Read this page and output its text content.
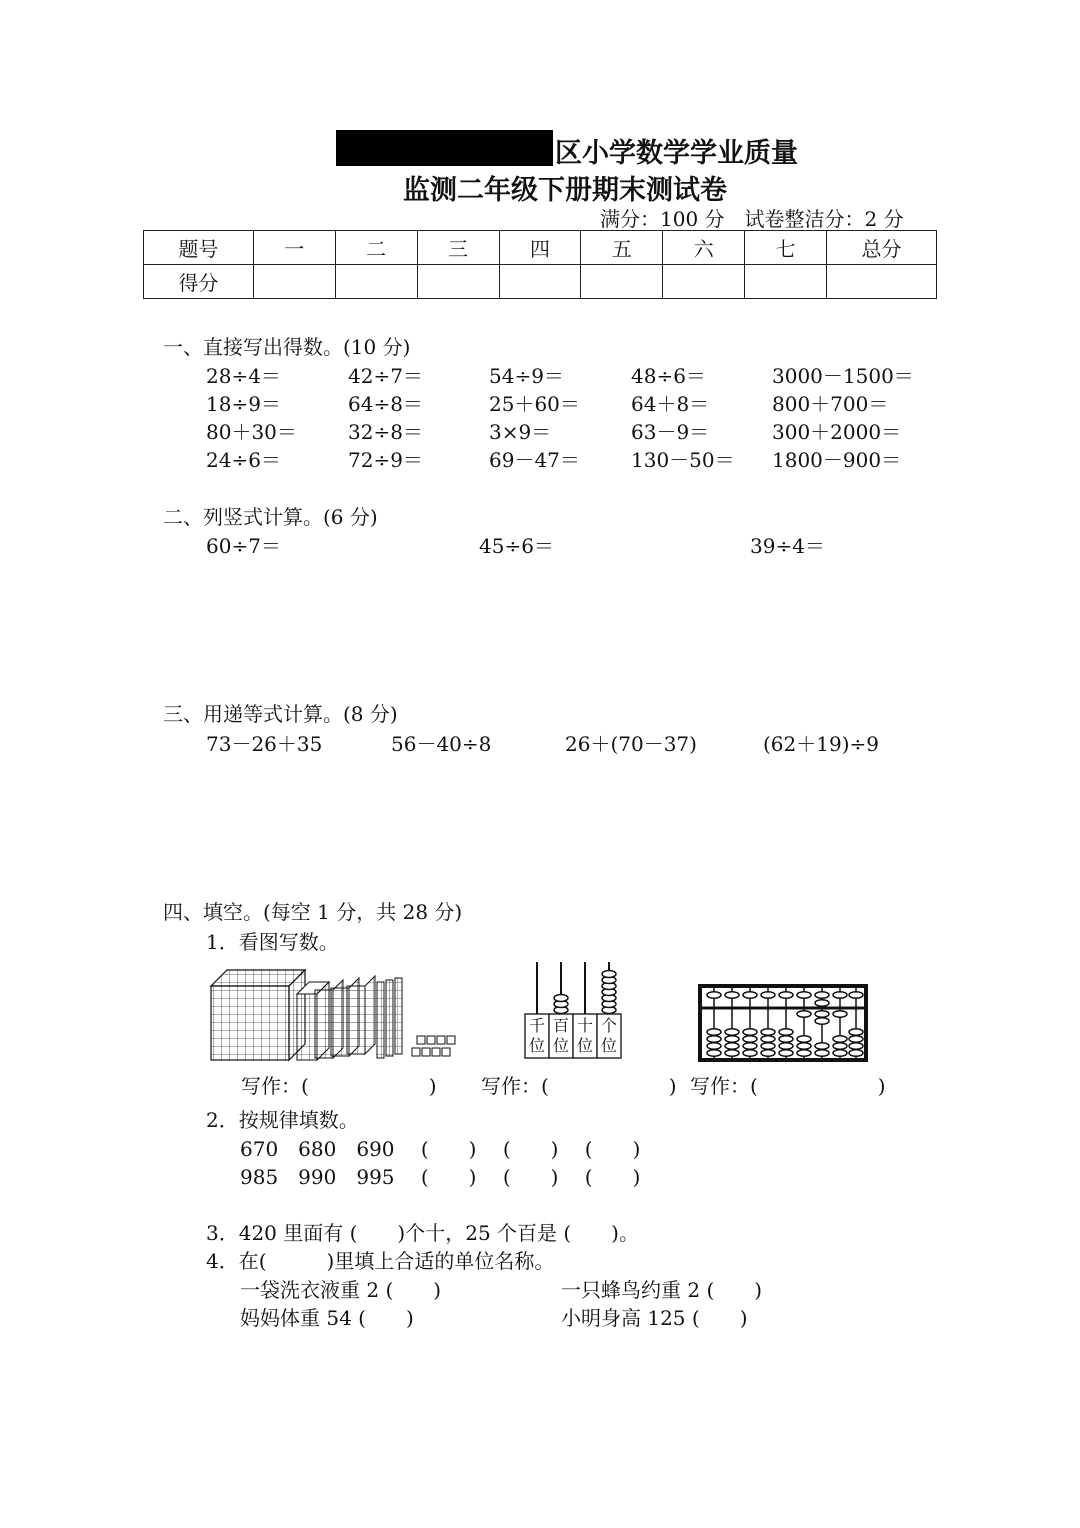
区小学数学学业质量
监测二年级下册期末测试卷
满分：100 分　试卷整洁分：2 分
题号	一	二	三	四	五	六	七	总分
得分								
一、直接写出得数。(10 分)
28÷4＝	42÷7＝	54÷9＝	48÷6＝	3000－1500＝
18÷9＝	64÷8＝	25＋60＝	64＋8＝	800＋700＝
80＋30＝	32÷8＝	3×9＝	63－9＝	300＋2000＝
24÷6＝	72÷9＝	69－47＝	130－50＝ 1800－900＝
二、列竖式计算。(6 分)
60÷7＝	45÷6＝	39÷4＝
三、用递等式计算。(8 分)
73－26＋35	56－40÷8	26＋(70－37)	(62＋19)÷9
四、填空。(每空 1 分，共 28 分)
1．看图写数。
千位
百位
十位
个位
写作：(　　　　　　) 写作：(　　　　　　) 写作：(　　　　　　)
2．按规律填数。
670　680　690　 (　　)　 (　　)　 (　　)
985　990　995　 (　　)　 (　　)　 (　　)
3．420 里面有 (　　)个十，25 个百是 (　　)。
4．在(　　　)里填上合适的单位名称。
一袋洗衣液重 2 (　　)	一只蜂鸟约重 2 (　　)
妈妈体重 54 (　　)	小明身高 125 (　　)
